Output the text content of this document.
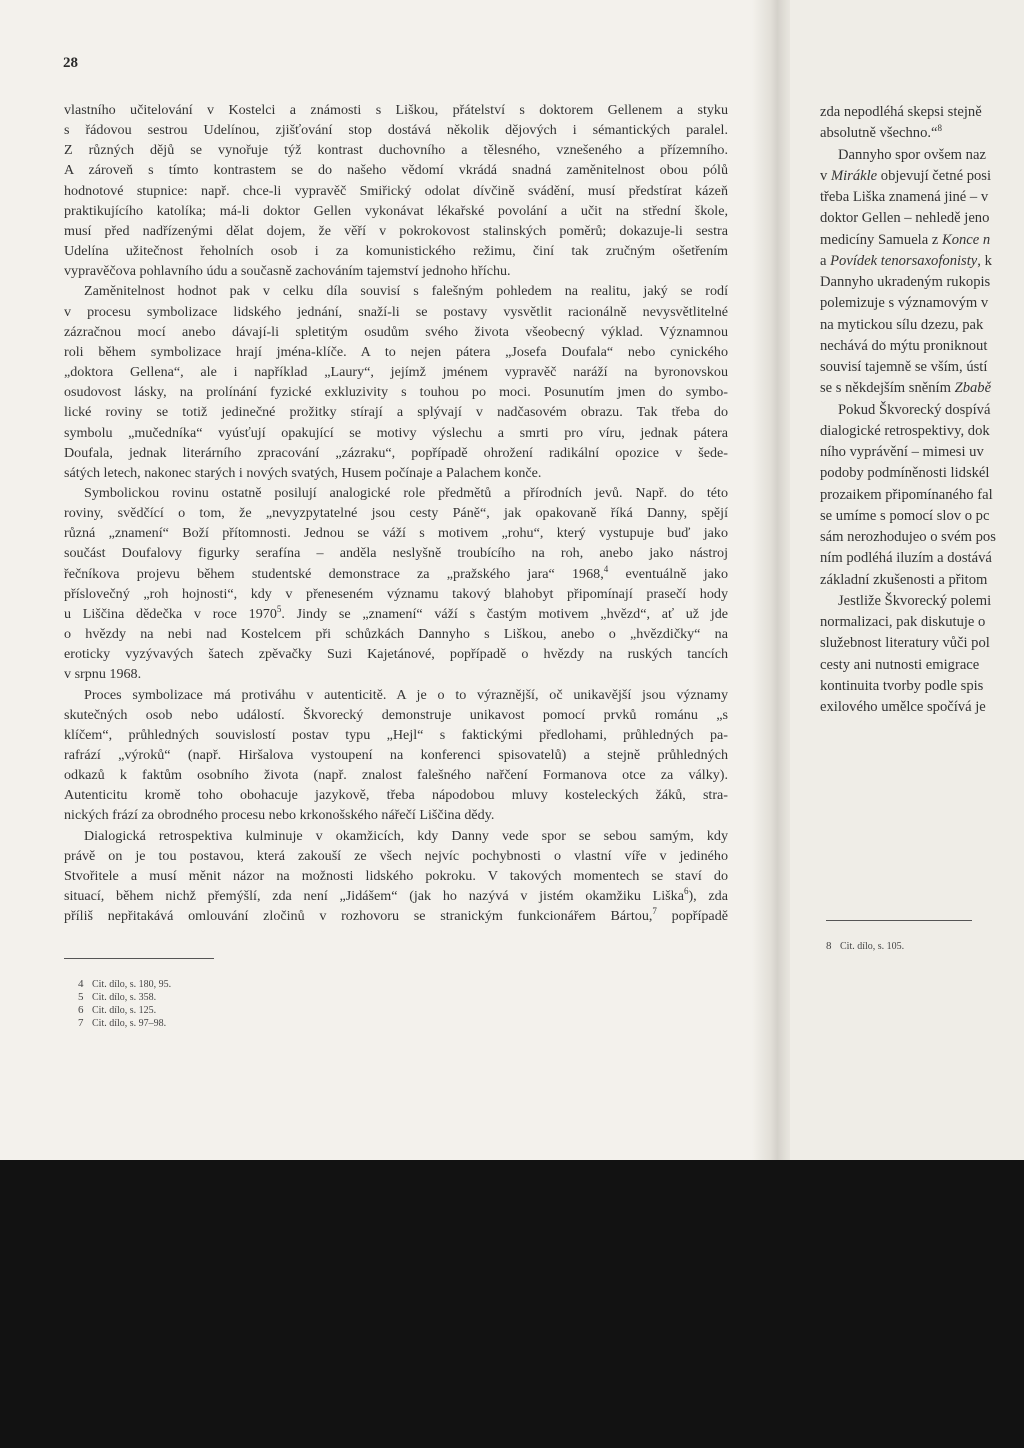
28
vlastního učitelování v Kostelci a známosti s Liškou, přátelství s doktorem Gellenem a styku
s řádovou sestrou Udelínou, zjišťování stop dostává několik dějových i sémantických paralel.
Z různých dějů se vynořuje týž kontrast duchovního a tělesného, vznešeného a přízemního.
A zároveň s tímto kontrastem se do našeho vědomí vkrádá snadná zaměnitelnost obou pólů
hodnotové stupnice: např. chce-li vypravěč Smiřický odolat dívčině svádění, musí předstírat kázeň
praktikujícího katolíka; má-li doktor Gellen vykonávat lékařské povolání a učit na střední škole,
musí před nadřízenými dělat dojem, že věří v pokrokovost stalinských poměrů; dokazuje-li sestra
Udelína užitečnost řeholních osob i za komunistického režimu, činí tak zručným ošetřením
vypravěčova pohlavního údu a současně zachováním tajemství jednoho hříchu.
Zaměnitelnost hodnot pak v celku díla souvisí s falešným pohledem na realitu, jaký se rodí
v procesu symbolizace lidského jednání, snaží-li se postavy vysvětlit racionálně nevysvětlitelné
zázračnou mocí anebo dávají-li spletitým osudům svého života všeobecný výklad. Významnou
roli během symbolizace hrají jména-klíče. A to nejen pátera „Josefa Doufala“ nebo cynického
„doktora Gellena“, ale i například „Laury“, jejímž jménem vypravěč naráží na byronovskou
osudovost lásky, na prolínání fyzické exkluzivity s touhou po moci. Posunutím jmen do symbo-
lické roviny se totiž jedinečné prožitky stírají a splývají v nadčasovém obrazu. Tak třeba do
symbolu „mučedníka“ vyúsťují opakující se motivy výslechu a smrti pro víru, jednak pátera
Doufala, jednak literárního zpracování „zázraku“, popřípadě ohrožení radikální opozice v šede-
sátých letech, nakonec starých i nových svatých, Husem počínaje a Palachem konče.
Symbolickou rovinu ostatně posilují analogické role předmětů a přírodních jevů. Např. do této
roviny, svědčící o tom, že „nevyzpytatelné jsou cesty Páně“, jak opakovaně říká Danny, spějí
různá „znamení“ Boží přítomnosti. Jednou se váží s motivem „rohu“, který vystupuje buď jako
součást Doufalovy figurky serafína – anděla neslyšně troubícího na roh, anebo jako nástroj
řečníkova projevu během studentské demonstrace za „pražského jara“ 1968,$^4$ eventuálně jako
příslovečný „roh hojnosti“, kdy v přeneseném významu takový blahobyt připomínají prasečí hody
u Liščina dědečka v roce 1970$^5$. Jindy se „znamení“ váží s častým motivem „hvězd“, ať už jde
o hvězdy na nebi nad Kostelcem při schůzkách Dannyho s Liškou, anebo o „hvězdičky“ na
eroticky vyzývavých šatech zpěvačky Suzi Kajetánové, popřípadě o hvězdy na ruských tancích
v srpnu 1968.
Proces symbolizace má protiváhu v autenticitě. A je o to výraznější, oč unikavější jsou významy
skutečných osob nebo událostí. Škvorecký demonstruje unikavost pomocí prvků románu „s
klíčem“, průhledných souvislostí postav typu „Hejl“ s faktickými předlohami, průhledných pa-
rafrází „výroků“ (např. Hiršalova vystoupení na konferenci spisovatelů) a stejně průhledných
odkazů k faktům osobního života (např. znalost falešného nařčení Formanova otce za války).
Autenticitu kromě toho obohacuje jazykově, třeba nápodobou mluvy kosteleckých žáků, stra-
nických frází za obrodného procesu nebo krkonošského nářečí Liščina dědy.
Dialogická retrospektiva kulminuje v okamžicích, kdy Danny vede spor se sebou samým, kdy
právě on je tou postavou, která zakouší ze všech nejvíc pochybnosti o vlastní víře v jediného
Stvořitele a musí měnit názor na možnosti lidského pokroku. V takových momentech se staví do
situací, během nichž přemýšlí, zda není „Jidášem“ (jak ho nazývá v jistém okamžiku Liška$^6$), zda
příliš nepřitakává omlouvání zločinů v rozhovoru se stranickým funkcionářem Bártou,$^7$ popřípadě
4 Cit. dílo, s. 180, 95.
5 Cit. dílo, s. 358.
6 Cit. dílo, s. 125.
7 Cit. dílo, s. 97–98.
zda nepodléhá skepsi stejně
absolutně všechno.“$^8$
Dannyho spor ovšem naz
v Mirákle objevují četné posi
třeba Liška znamená jiné – v
doktor Gellen – nehledě jeno
medicíny Samuela z Konce n
a Povídek tenorsaxofonisty, k
Dannyho ukradeným rukopis
polemizuje s významovým v
na mytickou sílu dzezu, pak
nechává do mýtu proniknout
souvisí tajemně se vším, ústí
se s někdejším sněním Zbabě
Pokud Škvorecký dospívá
dialogické retrospektivy, dok
ního vyprávění – mimesi uv
podoby podmíněnosti lidskél
prozaikem připomínaného fal
se umíme s pomocí slov o pc
sám nerozhodujeo o svém pos
ním podléhá iluzím a dostává
základní zkušenosti a přitom
Jestliže Škvorecký polemi
normalizaci, pak diskutuje o
služebnost literatury vůči pol
cesty ani nutnosti emigrace
kontinuita tvorby podle spis
exilového umělce spočívá je
8 Cit. dílo, s. 105.
